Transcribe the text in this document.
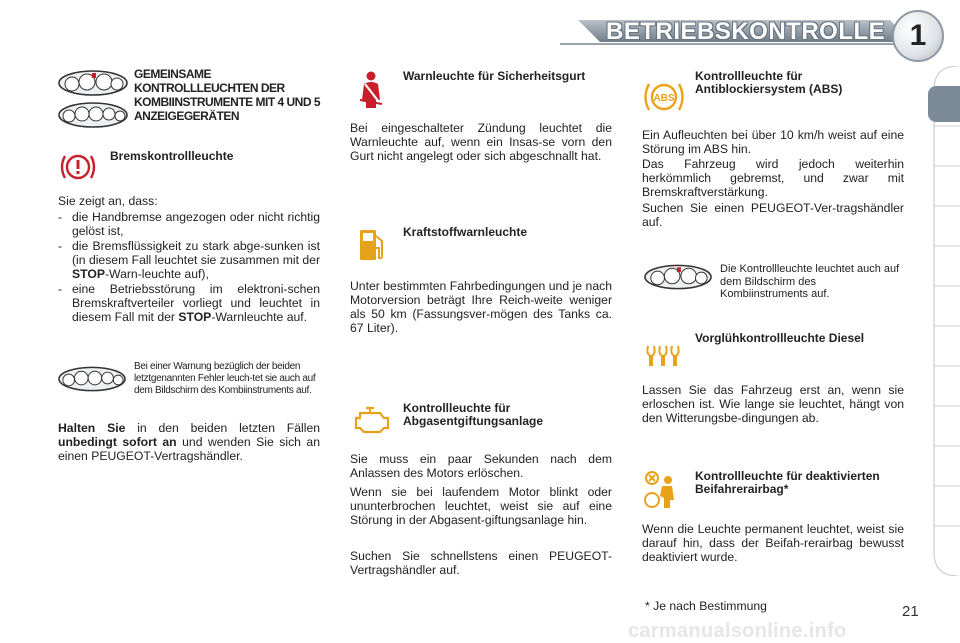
BETRIEBSKONTROLLE 1
GEMEINSAME KONTROLLLEUCHTEN DER KOMBIINSTRUMENTE MIT 4 UND 5 ANZEIGEGERÄTEN
Bremskontrollleuchte
Sie zeigt an, dass:
- die Handbremse angezogen oder nicht richtig gelöst ist,
- die Bremsflüssigkeit zu stark abge-sunken ist (in diesem Fall leuchtet sie zusammen mit der STOP-Warn-leuchte auf),
- eine Betriebsstörung im elektroni-schen Bremskraftverteiler vorliegt und leuchtet in diesem Fall mit der STOP-Warnleuchte auf.
Bei einer Warnung bezüglich der beiden letztgenannten Fehler leuch-tet sie auch auf dem Bildschirm des Kombiinstruments auf.
Halten Sie in den beiden letzten Fällen unbedingt sofort an und wenden Sie sich an einen PEUGEOT-Vertragshändler.
Warnleuchte für Sicherheitsgurt
Bei eingeschalteter Zündung leuchtet die Warnleuchte auf, wenn ein Insas-se vorn den Gurt nicht angelegt oder sich abgeschnallt hat.
Kraftstoffwarnleuchte
Unter bestimmten Fahrbedingungen und je nach Motorversion beträgt Ihre Reich-weite weniger als 50 km (Fassungsver-mögen des Tanks ca. 67 Liter).
Kontrollleuchte für Abgasentgiftungsanlage
Sie muss ein paar Sekunden nach dem Anlassen des Motors erlöschen.
Wenn sie bei laufendem Motor blinkt oder ununterbrochen leuchtet, weist sie auf eine Störung in der Abgasent-giftungsanlage hin.
Suchen Sie schnellstens einen PEUGEOT-Vertragshändler auf.
ABS
Kontrollleuchte für Antiblockiersystem (ABS)
Ein Aufleuchten bei über 10 km/h weist auf eine Störung im ABS hin.
Das Fahrzeug wird jedoch weiterhin herkömmlich gebremst, und zwar mit Bremskraftverstärkung.
Suchen Sie einen PEUGEOT-Ver-tragshändler auf.
Die Kontrollleuchte leuchtet auch auf dem Bildschirm des Kombiinstruments auf.
Vorglühkontrollleuchte Diesel
Lassen Sie das Fahrzeug erst an, wenn sie erloschen ist. Wie lange sie leuchtet, hängt von den Witterungsbe-dingungen ab.
Kontrollleuchte für deaktivierten Beifahrerairbag*
Wenn die Leuchte permanent leuchtet, weist sie darauf hin, dass der Beifah-rerairbag bewusst deaktiviert wurde.
* Je nach Bestimmung	21
carmanualsonline.info
